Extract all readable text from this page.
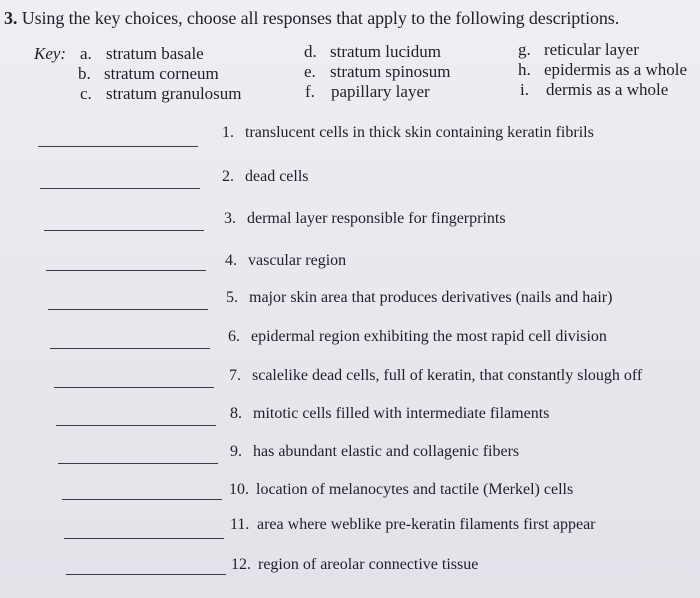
3. Using the key choices, choose all responses that apply to the following descriptions.
Key: a. stratum basale
b. stratum corneum
c. stratum granulosum
d. stratum lucidum
e. stratum spinosum
f. papillary layer
g. reticular layer
h. epidermis as a whole
i. dermis as a whole
1. translucent cells in thick skin containing keratin fibrils
2. dead cells
3. dermal layer responsible for fingerprints
4. vascular region
5. major skin area that produces derivatives (nails and hair)
6. epidermal region exhibiting the most rapid cell division
7. scalelike dead cells, full of keratin, that constantly slough off
8. mitotic cells filled with intermediate filaments
9. has abundant elastic and collagenic fibers
10. location of melanocytes and tactile (Merkel) cells
11. area where weblike pre-keratin filaments first appear
12. region of areolar connective tissue
